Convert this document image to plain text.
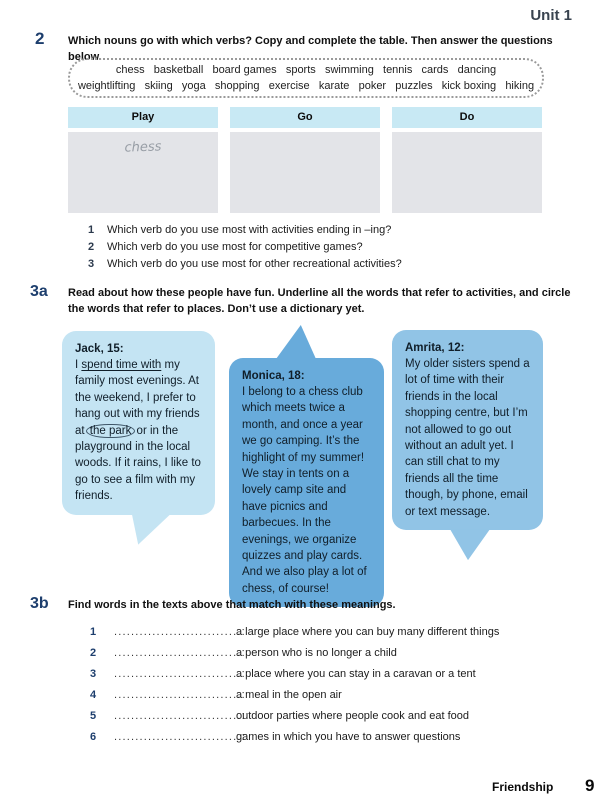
Unit 1
2 Which nouns go with which verbs? Copy and complete the table. Then answer the questions below.
chess   basketball   board games   sports   swimming   tennis   cards   dancing
weightlifting   skiing   yoga   shopping   exercise   karate   poker   puzzles   kick boxing   hiking
Play	Go	Do
chess
1 Which verb do you use most with activities ending in –ing?
2 Which verb do you use most for competitive games?
3 Which verb do you use most for other recreational activities?
3a Read about how these people have fun. Underline all the words that refer to activities, and circle the words that refer to places. Don’t use a dictionary yet.
Jack, 15:
I spend time with my family most evenings. At the weekend, I prefer to hang out with my friends at the park or in the playground in the local woods. If it rains, I like to go to see a film with my friends.
Monica, 18:
I belong to a chess club which meets twice a month, and once a year we go camping. It’s the highlight of my summer! We stay in tents on a lovely camp site and have picnics and barbecues. In the evenings, we organize quizzes and play cards. And we also play a lot of chess, of course!
Amrita, 12:
My older sisters spend a lot of time with their friends in the local shopping centre, but I’m not allowed to go out without an adult yet. I can still chat to my friends all the time though, by phone, email or text message.
3b Find words in the texts above that match with these meanings.
1 ..............................:
a large place where you can buy many different things
2 ..............................:
a person who is no longer a child
3 ..............................:
a place where you can stay in a caravan or a tent
4 ..............................:
a meal in the open air
5 ..............................:
outdoor parties where people cook and eat food
6 ..............................:
games in which you have to answer questions
Friendship 9
